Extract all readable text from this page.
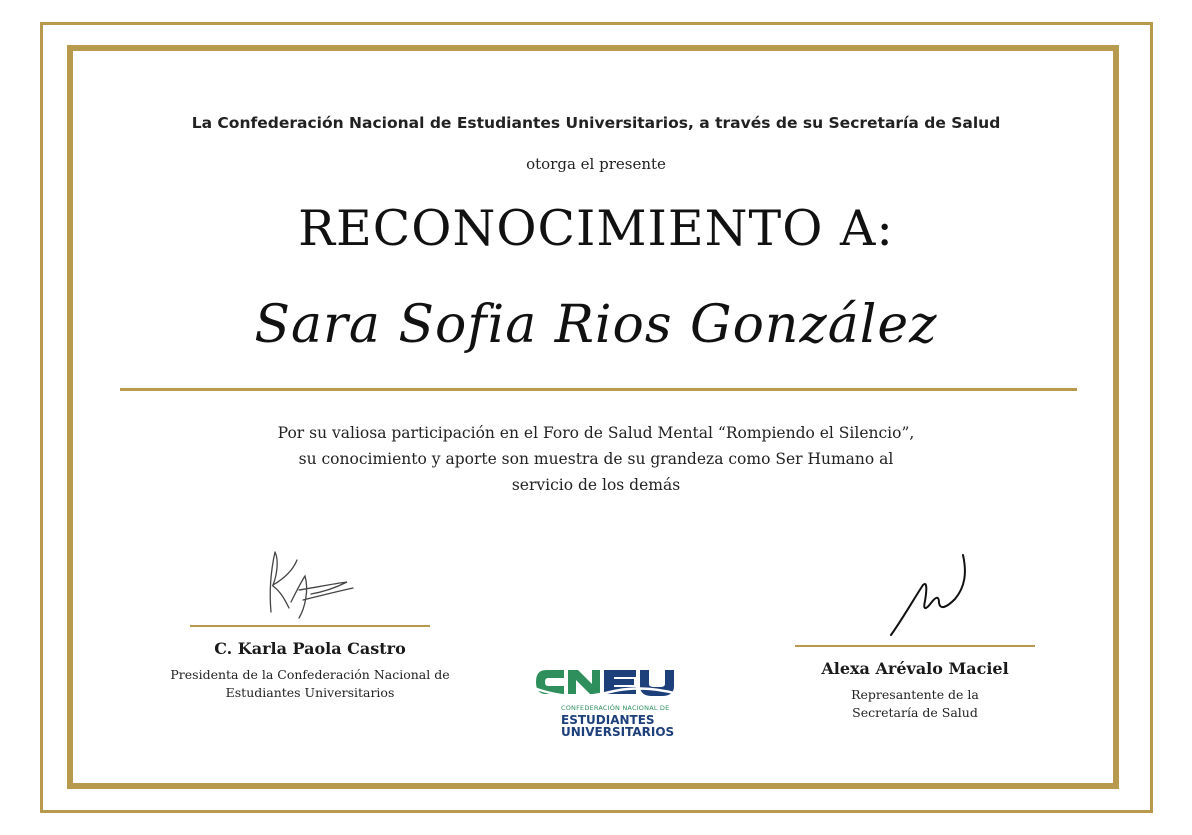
La Confederación Nacional de Estudiantes Universitarios, a través de su Secretaría de Salud
otorga el presente
RECONOCIMIENTO A:
Sara Sofia Rios González
Por su valiosa participación en el Foro de Salud Mental “Rompiendo el Silencio”, su conocimiento y aporte son muestra de su grandeza como Ser Humano al servicio de los demás
C. Karla Paola Castro
Presidenta de la Confederación Nacional de
Estudiantes Universitarios
Alexa Arévalo Maciel
Represantente de la
Secretaría de Salud
CONFEDERACIÓN NACIONAL DE
ESTUDIANTES
UNIVERSITARIOS
